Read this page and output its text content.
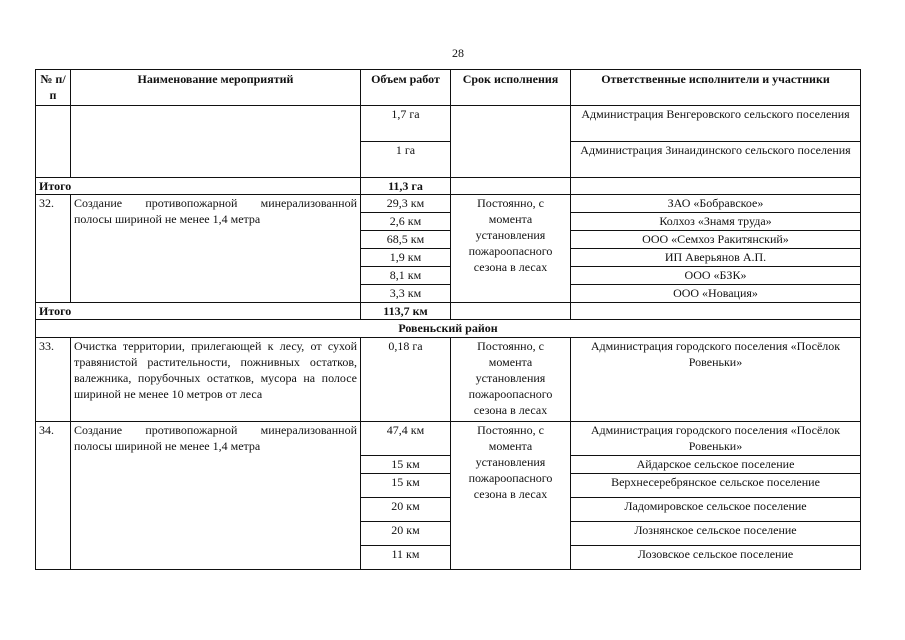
28
№ п/п	Наименование мероприятий	Объем работ	Срок исполнения	Ответственные исполнители и участники
		1,7 га		Администрация Венгеровского сельского поселения
		1 га		Администрация Зинаидинского сельского поселения
Итого		11,3 га		
32.	Создание противопожарной минерализованной полосы шириной не менее 1,4 метра	29,3 км	Постоянно, с момента установления пожароопасного сезона в лесах	ЗАО «Бобравское»
		2,6 км		Колхоз «Знамя труда»
		68,5 км		ООО «Семхоз Ракитянский»
		1,9 км		ИП Аверьянов А.П.
		8,1 км		ООО «БЗК»
		3,3 км		ООО «Новация»
Итого		113,7 км		
Ровеньский район				
33.	Очистка территории, прилегающей к лесу, от сухой травянистой растительности, пожнивных остатков, валежника, порубочных остатков, мусора на полосе шириной не менее 10 метров от леса	0,18 га	Постоянно, с момента установления пожароопасного сезона в лесах	Администрация городского поселения «Посёлок Ровеньки»
34.	Создание противопожарной минерализованной полосы шириной не менее 1,4 метра	47,4 км	Постоянно, с момента установления пожароопасного сезона в лесах	Администрация городского поселения «Посёлок Ровеньки»
		15 км		Айдарское сельское поселение
		15 км		Верхнесеребрянское сельское поселение
		20 км		Ладомировское сельское поселение
		20 км		Лознянское сельское поселение
		11 км		Лозовское сельское поселение
